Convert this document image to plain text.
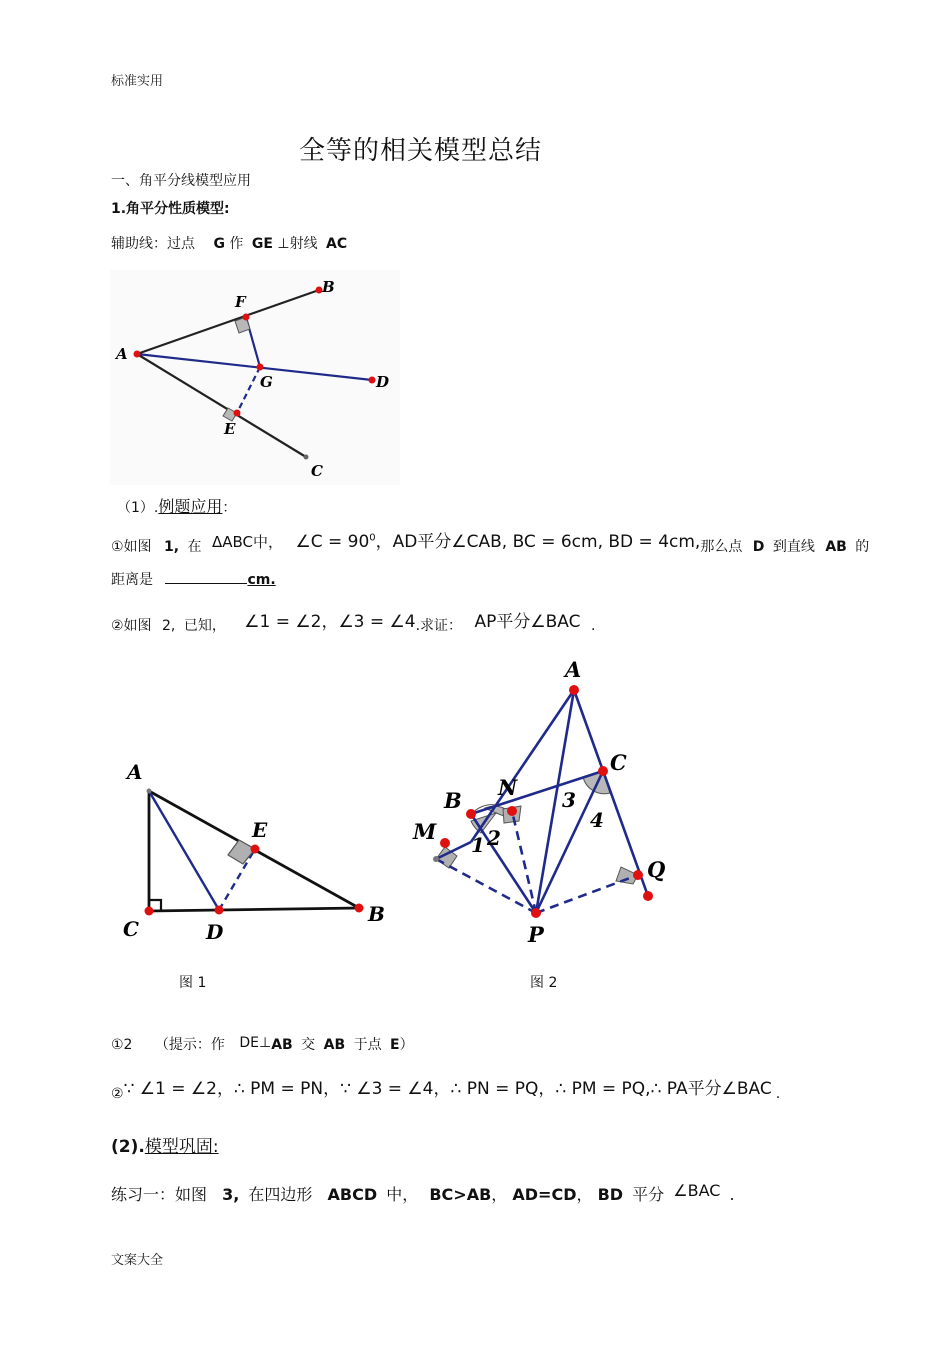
标准实用
全等的相关模型总结
一、角平分线模型应用
1.角平分性质模型:
辅助线：过点 G 作 GE ⊥射线 AC
A
B
C
D
E
F
G
（1）.例题应用：
①如图 1, 在 ΔABC中， ∠C = $90^0$，AD平分∠CAB, BC = 6cm, BD = 4cm,那么点 D 到直线 AB 的
距离是	cm.
②如图 2, 已知， ∠1 = ∠2，∠3 = ∠4.求证： AP平分∠BAC .
A
C	D
B
E
A
B
C
N
M
P
Q
1 2
3
4
图 1	图 2
①2 （提示：作 DE⊥AB 交 AB 于点 E）
②∵ ∠1 = ∠2，∴ PM = PN，∵ ∠3 = ∠4，∴ PN = PQ，∴ PM = PQ,∴ PA平分∠BAC .
(2).模型巩固:
练习一：如图 3, 在四边形 ABCD 中， BC>AB， AD=CD， BD 平分 ∠BAC .
文案大全
